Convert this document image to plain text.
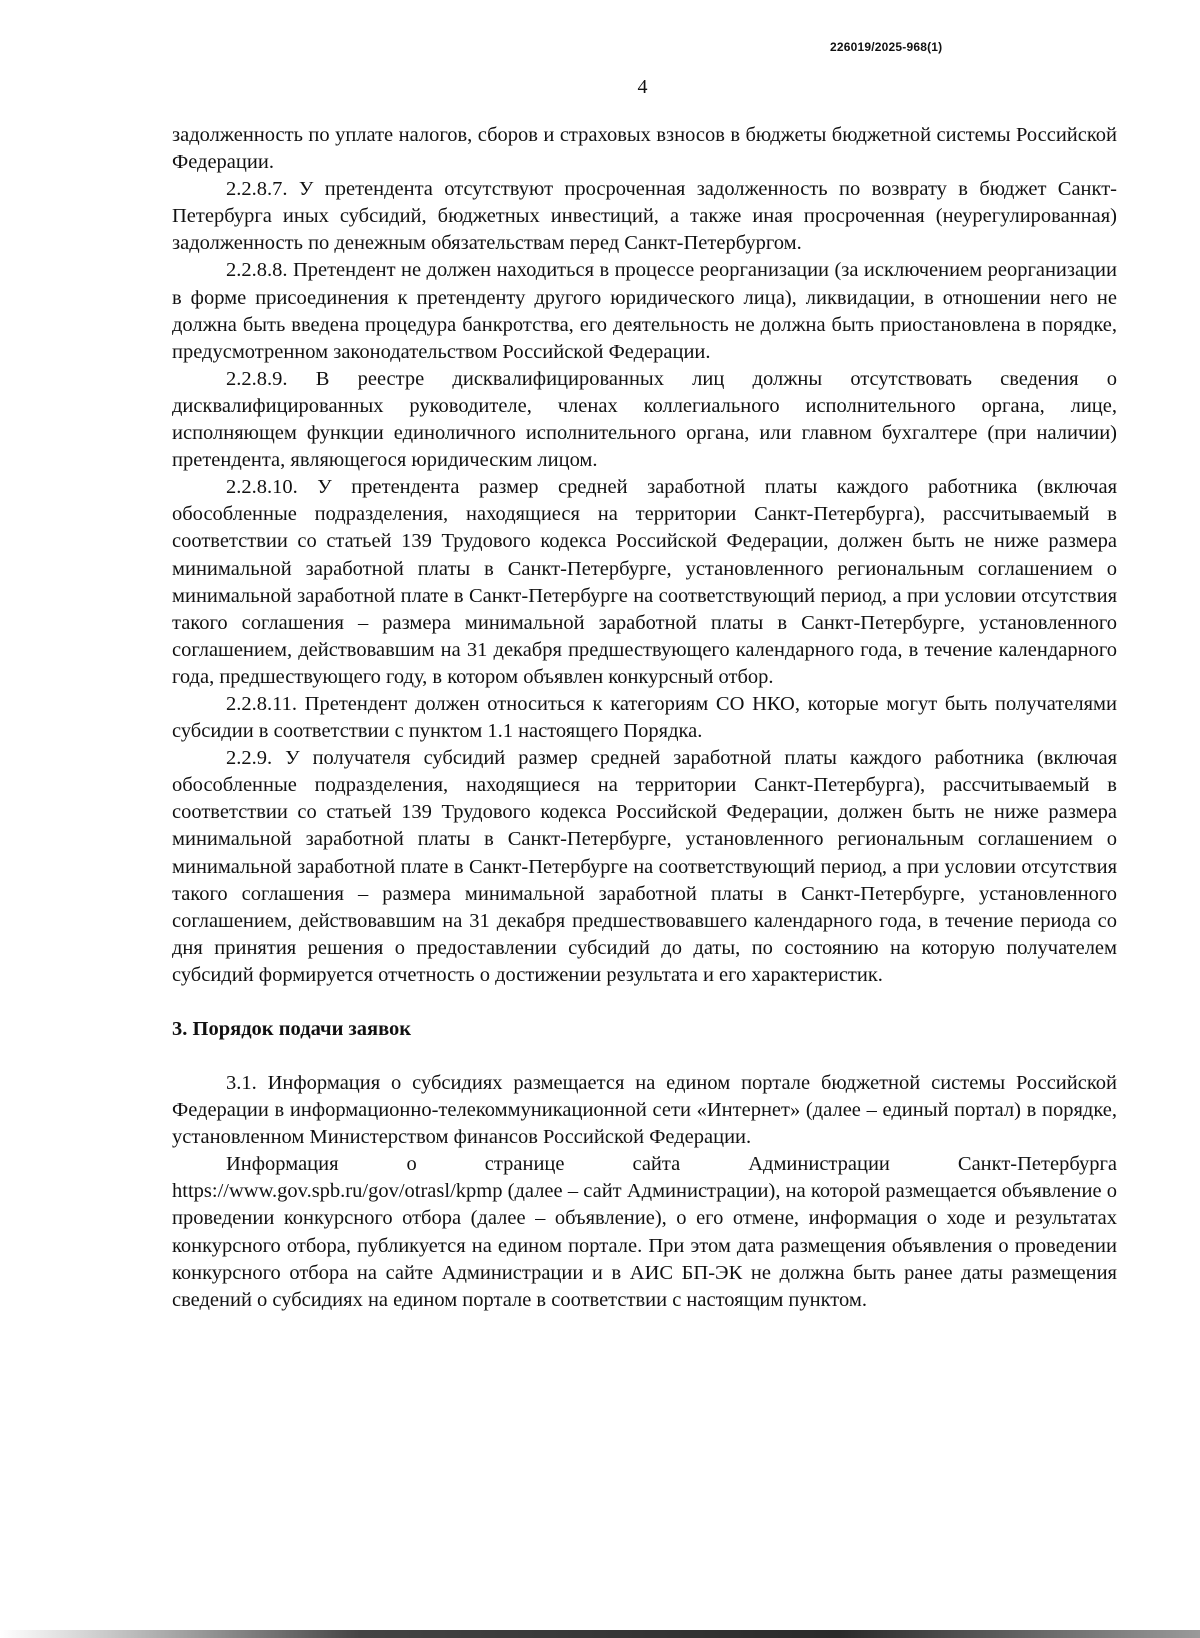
226019/2025-968(1)
4

задолженность по уплате налогов, сборов и страховых взносов в бюджеты бюджетной системы Российской Федерации.

2.2.8.7. У претендента отсутствуют просроченная задолженность по возврату в бюджет Санкт-Петербурга иных субсидий, бюджетных инвестиций, а также иная просроченная (неурегулированная) задолженность по денежным обязательствам перед Санкт-Петербургом.

2.2.8.8. Претендент не должен находиться в процессе реорганизации (за исключением реорганизации в форме присоединения к претенденту другого юридического лица), ликвидации, в отношении него не должна быть введена процедура банкротства, его деятельность не должна быть приостановлена в порядке, предусмотренном законодательством Российской Федерации.

2.2.8.9. В реестре дисквалифицированных лиц должны отсутствовать сведения о дисквалифицированных руководителе, членах коллегиального исполнительного органа, лице, исполняющем функции единоличного исполнительного органа, или главном бухгалтере (при наличии) претендента, являющегося юридическим лицом.

2.2.8.10. У претендента размер средней заработной платы каждого работника (включая обособленные подразделения, находящиеся на территории Санкт-Петербурга), рассчитываемый в соответствии со статьей 139 Трудового кодекса Российской Федерации, должен быть не ниже размера минимальной заработной платы в Санкт-Петербурге, установленного региональным соглашением о минимальной заработной плате в Санкт-Петербурге на соответствующий период, а при условии отсутствия такого соглашения – размера минимальной заработной платы в Санкт-Петербурге, установленного соглашением, действовавшим на 31 декабря предшествующего календарного года, в течение календарного года, предшествующего году, в котором объявлен конкурсный отбор.

2.2.8.11. Претендент должен относиться к категориям СО НКО, которые могут быть получателями субсидии в соответствии с пунктом 1.1 настоящего Порядка.

2.2.9. У получателя субсидий размер средней заработной платы каждого работника (включая обособленные подразделения, находящиеся на территории Санкт-Петербурга), рассчитываемый в соответствии со статьей 139 Трудового кодекса Российской Федерации, должен быть не ниже размера минимальной заработной платы в Санкт-Петербурге, установленного региональным соглашением о минимальной заработной плате в Санкт-Петербурге на соответствующий период, а при условии отсутствия такого соглашения – размера минимальной заработной платы в Санкт-Петербурге, установленного соглашением, действовавшим на 31 декабря предшествовавшего календарного года, в течение периода со дня принятия решения о предоставлении субсидий до даты, по состоянию на которую получателем субсидий формируется отчетность о достижении результата и его характеристик.

3. Порядок подачи заявок

3.1. Информация о субсидиях размещается на едином портале бюджетной системы Российской Федерации в информационно-телекоммуникационной сети «Интернет» (далее – единый портал) в порядке, установленном Министерством финансов Российской Федерации.

Информация о странице сайта Администрации Санкт-Петербурга https://www.gov.spb.ru/gov/otrasl/kpmp (далее – сайт Администрации), на которой размещается объявление о проведении конкурсного отбора (далее – объявление), о его отмене, информация о ходе и результатах конкурсного отбора, публикуется на едином портале. При этом дата размещения объявления о проведении конкурсного отбора на сайте Администрации и в АИС БП-ЭК не должна быть ранее даты размещения сведений о субсидиях на едином портале в соответствии с настоящим пунктом.
